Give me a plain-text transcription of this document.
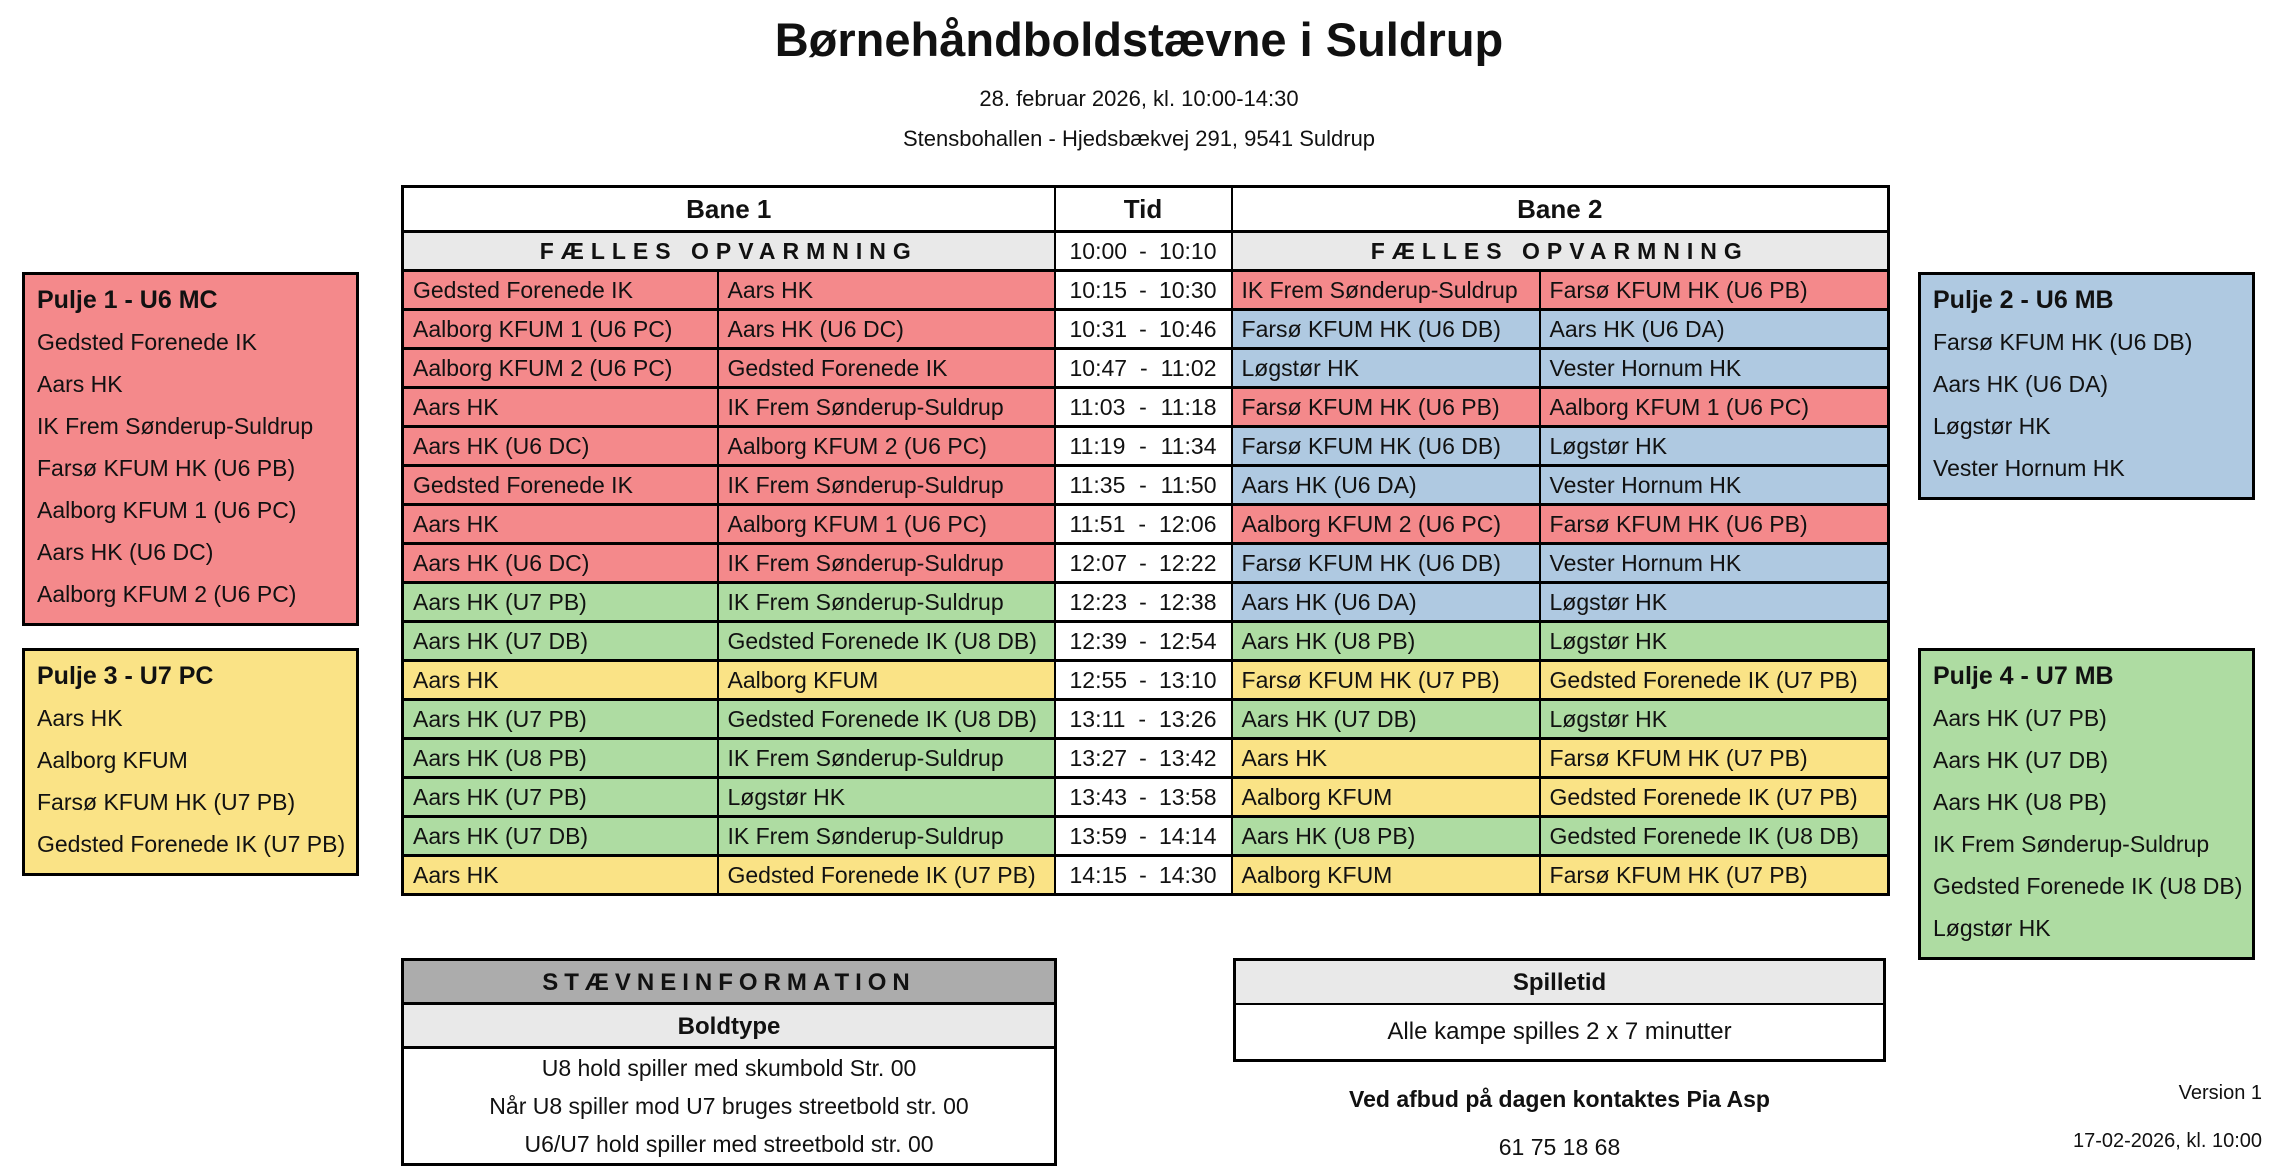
Børnehåndboldstævne i Suldrup
28. februar 2026, kl. 10:00-14:30
Stensbohallen - Hjedsbækvej 291, 9541 Suldrup
Bane 1		Tid	Bane 2	
FÆLLES OPVARMNING		10:00 - 10:10	FÆLLES OPVARMNING	
Gedsted Forenede IK	Aars HK	10:15 - 10:30	IK Frem Sønderup-Suldrup	Farsø KFUM HK (U6 PB)
Aalborg KFUM 1 (U6 PC)	Aars HK (U6 DC)	10:31 - 10:46	Farsø KFUM HK (U6 DB)	Aars HK (U6 DA)
Aalborg KFUM 2 (U6 PC)	Gedsted Forenede IK	10:47 - 11:02	Løgstør HK	Vester Hornum HK
Aars HK	IK Frem Sønderup-Suldrup	11:03 - 11:18	Farsø KFUM HK (U6 PB)	Aalborg KFUM 1 (U6 PC)
Aars HK (U6 DC)	Aalborg KFUM 2 (U6 PC)	11:19 - 11:34	Farsø KFUM HK (U6 DB)	Løgstør HK
Gedsted Forenede IK	IK Frem Sønderup-Suldrup	11:35 - 11:50	Aars HK (U6 DA)	Vester Hornum HK
Aars HK	Aalborg KFUM 1 (U6 PC)	11:51 - 12:06	Aalborg KFUM 2 (U6 PC)	Farsø KFUM HK (U6 PB)
Aars HK (U6 DC)	IK Frem Sønderup-Suldrup	12:07 - 12:22	Farsø KFUM HK (U6 DB)	Vester Hornum HK
Aars HK (U7 PB)	IK Frem Sønderup-Suldrup	12:23 - 12:38	Aars HK (U6 DA)	Løgstør HK
Aars HK (U7 DB)	Gedsted Forenede IK (U8 DB)	12:39 - 12:54	Aars HK (U8 PB)	Løgstør HK
Aars HK	Aalborg KFUM	12:55 - 13:10	Farsø KFUM HK (U7 PB)	Gedsted Forenede IK (U7 PB)
Aars HK (U7 PB)	Gedsted Forenede IK (U8 DB)	13:11 - 13:26	Aars HK (U7 DB)	Løgstør HK
Aars HK (U8 PB)	IK Frem Sønderup-Suldrup	13:27 - 13:42	Aars HK	Farsø KFUM HK (U7 PB)
Aars HK (U7 PB)	Løgstør HK	13:43 - 13:58	Aalborg KFUM	Gedsted Forenede IK (U7 PB)
Aars HK (U7 DB)	IK Frem Sønderup-Suldrup	13:59 - 14:14	Aars HK (U8 PB)	Gedsted Forenede IK (U8 DB)
Aars HK	Gedsted Forenede IK (U7 PB)	14:15 - 14:30	Aalborg KFUM	Farsø KFUM HK (U7 PB)
Pulje 1 - U6 MC
Gedsted Forenede IK
Aars HK
IK Frem Sønderup-Suldrup
Farsø KFUM HK (U6 PB)
Aalborg KFUM 1 (U6 PC)
Aars HK (U6 DC)
Aalborg KFUM 2 (U6 PC)
Pulje 2 - U6 MB
Farsø KFUM HK (U6 DB)
Aars HK (U6 DA)
Løgstør HK
Vester Hornum HK
Pulje 3 - U7 PC
Aars HK
Aalborg KFUM
Farsø KFUM HK (U7 PB)
Gedsted Forenede IK (U7 PB)
Pulje 4 - U7 MB
Aars HK (U7 PB)
Aars HK (U7 DB)
Aars HK (U8 PB)
IK Frem Sønderup-Suldrup
Gedsted Forenede IK (U8 DB)
Løgstør HK
STÆVNEINFORMATION
Boldtype
U8 hold spiller med skumbold Str. 00
Når U8 spiller mod U7 bruges streetbold str. 00
U6/U7 hold spiller med streetbold str. 00
Spilletid
Alle kampe spilles 2 x 7 minutter
Ved afbud på dagen kontaktes Pia Asp
61 75 18 68
Version 1
17-02-2026, kl. 10:00
